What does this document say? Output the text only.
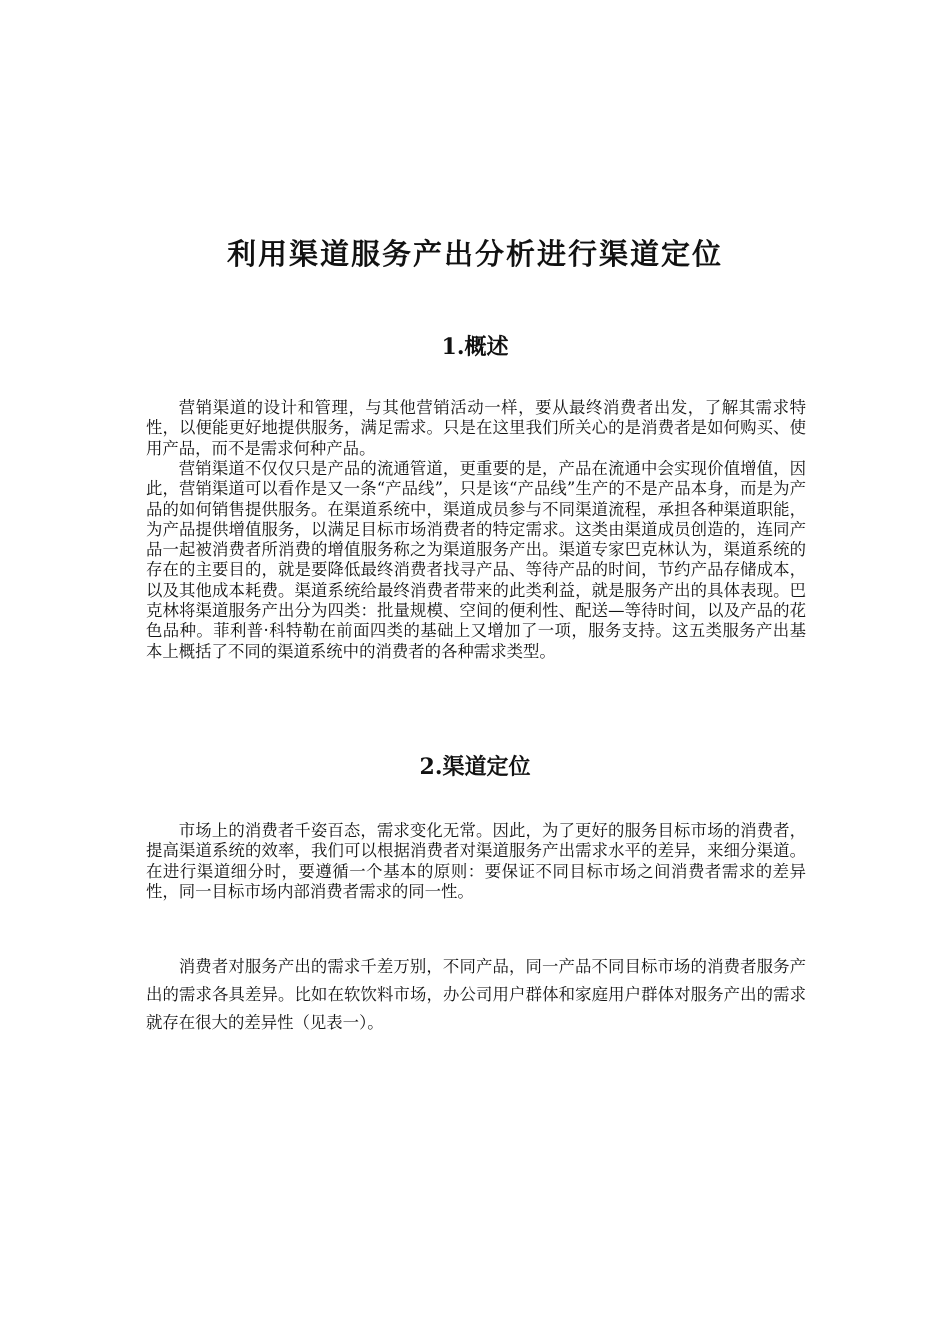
利用渠道服务产出分析进行渠道定位
1.概述

营销渠道的设计和管理，与其他营销活动一样，要从最终消费者出发，了解其需求特性，以便能更好地提供服务，满足需求。只是在这里我们所关心的是消费者是如何购买、使用产品，而不是需求何种产品。

营销渠道不仅仅只是产品的流通管道，更重要的是，产品在流通中会实现价值增值，因此，营销渠道可以看作是又一条“产品线”，只是该“产品线”生产的不是产品本身，而是为产品的如何销售提供服务。在渠道系统中，渠道成员参与不同渠道流程，承担各种渠道职能，为产品提供增值服务，以满足目标市场消费者的特定需求。这类由渠道成员创造的，连同产品一起被消费者所消费的增值服务称之为渠道服务产出。渠道专家巴克林认为，渠道系统的存在的主要目的，就是要降低最终消费者找寻产品、等待产品的时间，节约产品存储成本，以及其他成本耗费。渠道系统给最终消费者带来的此类利益，就是服务产出的具体表现。巴克林将渠道服务产出分为四类：批量规模、空间的便利性、配送—等待时间，以及产品的花色品种。菲利普·科特勒在前面四类的基础上又增加了一项，服务支持。这五类服务产出基本上概括了不同的渠道系统中的消费者的各种需求类型。

2.渠道定位

市场上的消费者千姿百态，需求变化无常。因此，为了更好的服务目标市场的消费者，提高渠道系统的效率，我们可以根据消费者对渠道服务产出需求水平的差异，来细分渠道。在进行渠道细分时，要遵循一个基本的原则：要保证不同目标市场之间消费者需求的差异性，同一目标市场内部消费者需求的同一性。

消费者对服务产出的需求千差万别，不同产品，同一产品不同目标市场的消费者服务产出的需求各具差异。比如在软饮料市场，办公司用户群体和家庭用户群体对服务产出的需求就存在很大的差异性（见表一）。
